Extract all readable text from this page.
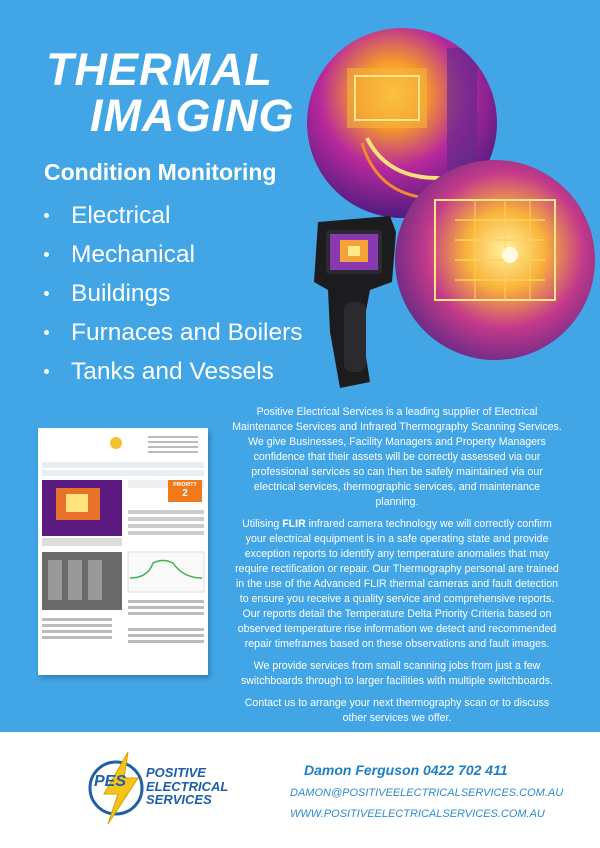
THERMAL
IMAGING
Condition Monitoring
Electrical
Mechanical
Buildings
Furnaces and Boilers
Tanks and Vessels
PRIORITY
2

Positive Electrical Services is a leading supplier of Electrical Maintenance Services and Infrared Thermography Scanning Services. We give Businesses, Facility Managers and Property Managers confidence that their assets will be correctly assessed via our professional services so can then be safely maintained via our electrical services, thermographic services, and maintenance planning.

Utilising FLIR infrared camera technology we will correctly confirm your electrical equipment is in a safe operating state and provide exception reports to identify any temperature anomalies that may require rectification or repair. Our Thermography personal are trained in the use of the Advanced FLIR thermal cameras and fault detection to ensure you receive a quality service and comprehensive reports. Our reports detail the Temperature Delta Priority Criteria based on observed temperature rise information we detect and recommended repair timeframes based on these observations and fault images.

We provide services from small scanning jobs from just a few switchboards through to larger facilities with multiple switchboards.

Contact us to arrange your next thermography scan or to discuss other services we offer.

PES
POSITIVE
ELECTRICAL
SERVICES
Damon Ferguson 0422 702 411
DAMON@POSITIVEELECTRICALSERVICES.COM.AU
WWW.POSITIVEELECTRICALSERVICES.COM.AU
